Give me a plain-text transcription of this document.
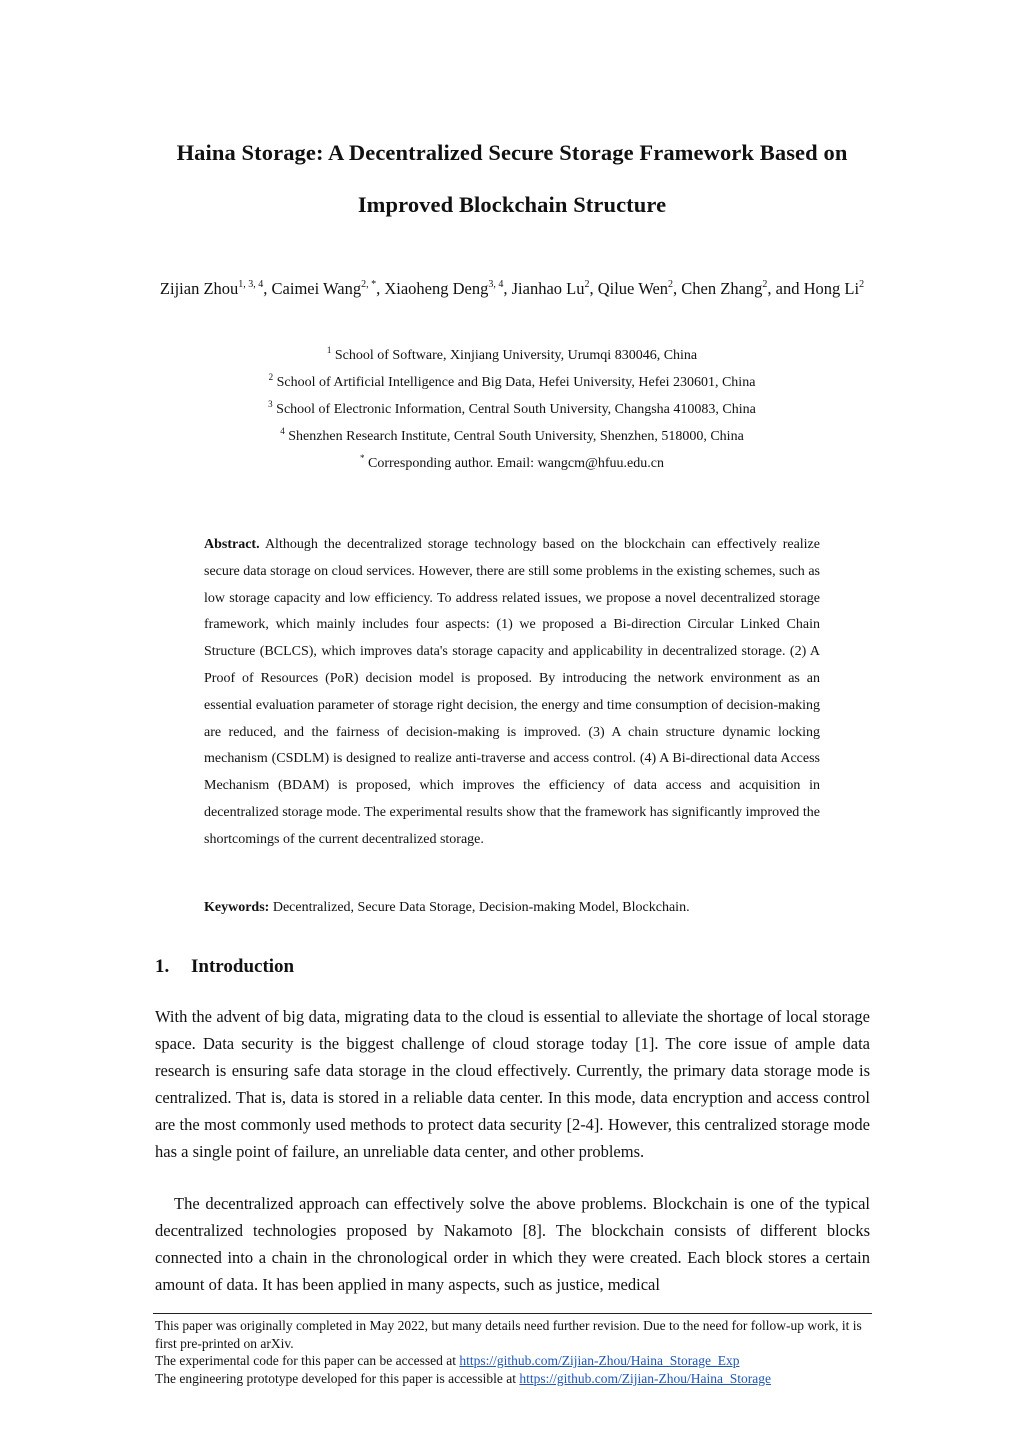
Haina Storage: A Decentralized Secure Storage Framework Based on
Improved Blockchain Structure
Zijian Zhou$^{1, 3, 4}$, Caimei Wang$^{2, *}$, Xiaoheng Deng$^{3, 4}$, Jianhao Lu$^2$, Qilue Wen$^2$, Chen Zhang$^2$, and Hong Li$^2$
$^1$ School of Software, Xinjiang University, Urumqi 830046, China
$^2$ School of Artificial Intelligence and Big Data, Hefei University, Hefei 230601, China
$^3$ School of Electronic Information, Central South University, Changsha 410083, China
$^4$ Shenzhen Research Institute, Central South University, Shenzhen, 518000, China
* Corresponding author. Email: wangcm@hfuu.edu.cn

Abstract. Although the decentralized storage technology based on the blockchain can effectively realize secure data storage on cloud services. However, there are still some problems in the existing schemes, such as low storage capacity and low efficiency. To address related issues, we propose a novel decentralized storage framework, which mainly includes four aspects: (1) we proposed a Bi-direction Circular Linked Chain Structure (BCLCS), which improves data's storage capacity and applicability in decentralized storage. (2) A Proof of Resources (PoR) decision model is proposed. By introducing the network environment as an essential evaluation parameter of storage right decision, the energy and time consumption of decision-making are reduced, and the fairness of decision-making is improved. (3) A chain structure dynamic locking mechanism (CSDLM) is designed to realize anti-traverse and access control. (4) A Bi-directional data Access Mechanism (BDAM) is proposed, which improves the efficiency of data access and acquisition in decentralized storage mode. The experimental results show that the framework has significantly improved the shortcomings of the current decentralized storage.

Keywords: Decentralized, Secure Data Storage, Decision-making Model, Blockchain.

1. Introduction

With the advent of big data, migrating data to the cloud is essential to alleviate the shortage of local storage space. Data security is the biggest challenge of cloud storage today [1]. The core issue of ample data research is ensuring safe data storage in the cloud effectively. Currently, the primary data storage mode is centralized. That is, data is stored in a reliable data center. In this mode, data encryption and access control are the most commonly used methods to protect data security [2-4]. However, this centralized storage mode has a single point of failure, an unreliable data center, and other problems.

The decentralized approach can effectively solve the above problems. Blockchain is one of the typical decentralized technologies proposed by Nakamoto [8]. The blockchain consists of different blocks connected into a chain in the chronological order in which they were created. Each block stores a certain amount of data. It has been applied in many aspects, such as justice, medical

This paper was originally completed in May 2022, but many details need further revision. Due to the need for follow-up work, it is first pre-printed on arXiv.

The experimental code for this paper can be accessed at https://github.com/Zijian-Zhou/Haina_Storage_Exp

The engineering prototype developed for this paper is accessible at https://github.com/Zijian-Zhou/Haina_Storage
